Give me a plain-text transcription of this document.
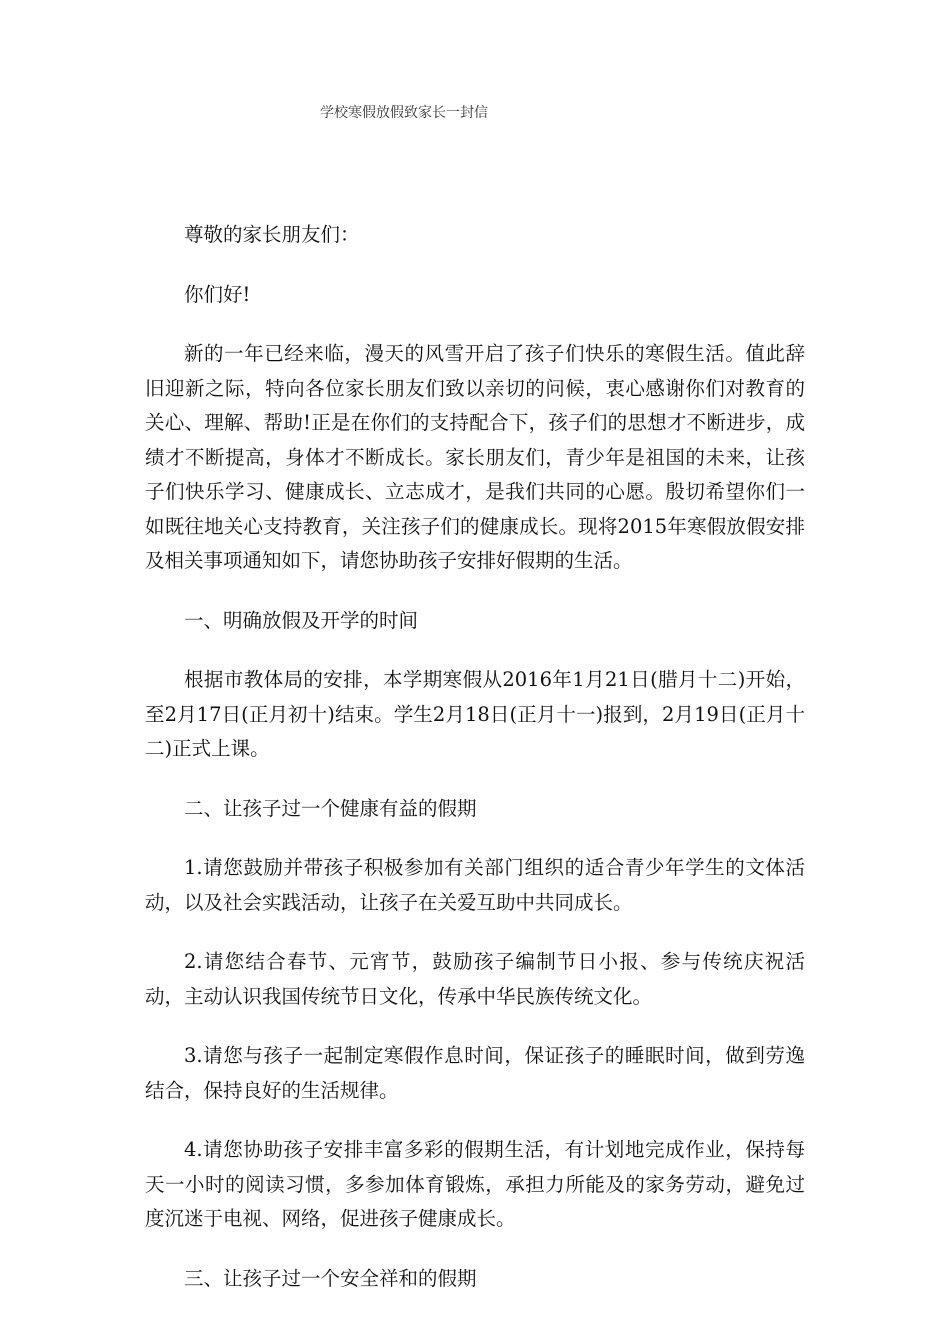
学校寒假放假致家长一封信

尊敬的家长朋友们：

你们好!

新的一年已经来临，漫天的风雪开启了孩子们快乐的寒假生活。值此辞旧迎新之际，特向各位家长朋友们致以亲切的问候，衷心感谢你们对教育的关心、理解、帮助!正是在你们的支持配合下，孩子们的思想才不断进步，成绩才不断提高，身体才不断成长。家长朋友们，青少年是祖国的未来，让孩子们快乐学习、健康成长、立志成才，是我们共同的心愿。殷切希望你们一如既往地关心支持教育，关注孩子们的健康成长。现将2015年寒假放假安排及相关事项通知如下，请您协助孩子安排好假期的生活。

一、明确放假及开学的时间

根据市教体局的安排，本学期寒假从2016年1月21日(腊月十二)开始，至2月17日(正月初十)结束。学生2月18日(正月十一)报到，2月19日(正月十二)正式上课。

二、让孩子过一个健康有益的假期

1.请您鼓励并带孩子积极参加有关部门组织的适合青少年学生的文体活动，以及社会实践活动，让孩子在关爱互助中共同成长。

2.请您结合春节、元宵节，鼓励孩子编制节日小报、参与传统庆祝活动，主动认识我国传统节日文化，传承中华民族传统文化。

3.请您与孩子一起制定寒假作息时间，保证孩子的睡眠时间，做到劳逸结合，保持良好的生活规律。

4.请您协助孩子安排丰富多彩的假期生活，有计划地完成作业，保持每天一小时的阅读习惯，多参加体育锻炼，承担力所能及的家务劳动，避免过度沉迷于电视、网络，促进孩子健康成长。

三、让孩子过一个安全祥和的假期
